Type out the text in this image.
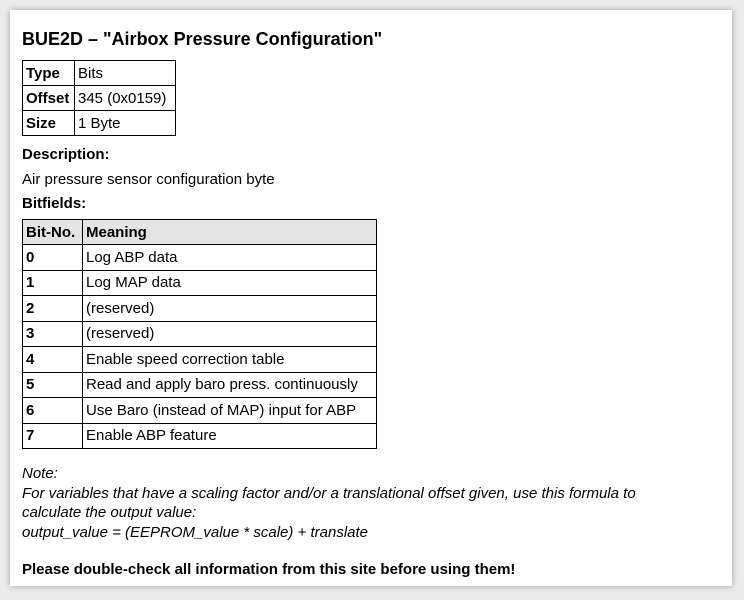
BUE2D – "Airbox Pressure Configuration"
Type	Bits
Offset	345 (0x0159)
Size	1 Byte
Description:
Air pressure sensor configuration byte
Bitfields:
Bit-No.	Meaning
0	Log ABP data
1	Log MAP data
2	(reserved)
3	(reserved)
4	Enable speed correction table
5	Read and apply baro press. continuously
6	Use Baro (instead of MAP) input for ABP
7	Enable ABP feature
Note:
For variables that have a scaling factor and/or a translational offset given, use this formula to
calculate the output value:
output_value = (EEPROM_value * scale) + translate
Please double-check all information from this site before using them!
